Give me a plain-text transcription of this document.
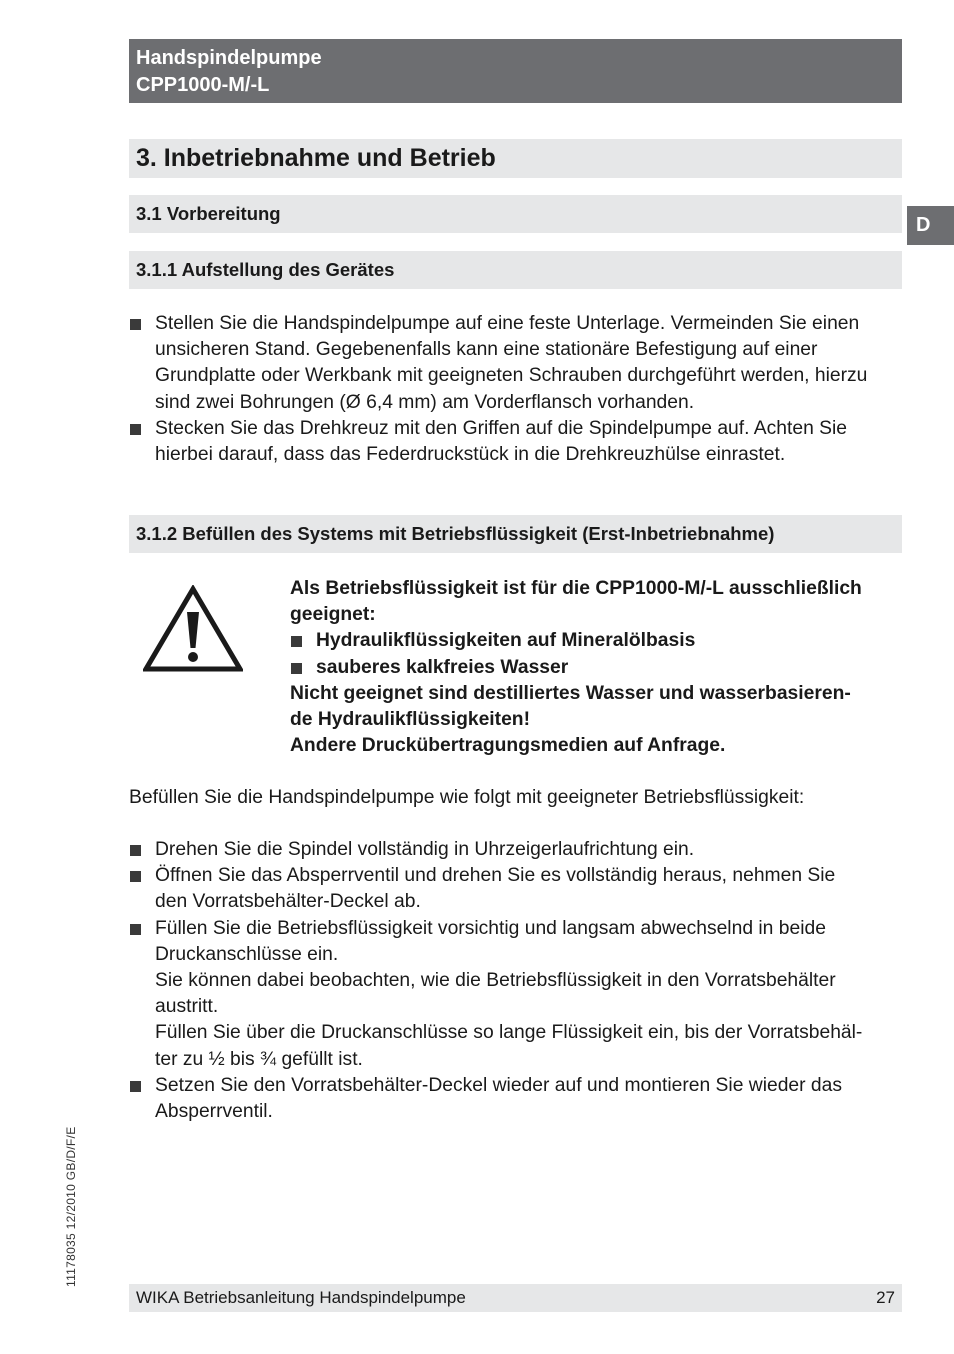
Handspindelpumpe
CPP1000-M/-L
D
3. Inbetriebnahme und Betrieb
3.1 Vorbereitung
3.1.1 Aufstellung des Gerätes
Stellen Sie die Handspindelpumpe auf eine feste Unterlage. Vermeinden Sie einen unsicheren Stand. Gegebenenfalls kann eine stationäre Befestigung auf einer Grundplatte oder Werkbank mit geeigneten Schrauben durchgeführt werden, hierzu sind zwei Bohrungen (Ø 6,4 mm) am Vorderflansch vorhanden.
Stecken Sie das Drehkreuz mit den Griffen auf die Spindelpumpe auf. Achten Sie hierbei darauf, dass das Federdruckstück in die Drehkreuzhülse einrastet.
3.1.2 Befüllen des Systems mit Betriebsflüssigkeit (Erst-Inbetriebnahme)
Als Betriebsflüssigkeit ist für die CPP1000-M/-L ausschließlich geeignet:
Hydraulikflüssigkeiten auf Mineralölbasis
sauberes kalkfreies Wasser
Nicht geeignet sind destilliertes Wasser und wasserbasieren-
de Hydraulikflüssigkeiten!
Andere Druckübertragungsmedien auf Anfrage.
Befüllen Sie die Handspindelpumpe wie folgt mit geeigneter Betriebsflüssigkeit:
Drehen Sie die Spindel vollständig in Uhrzeigerlaufrichtung ein.
Öffnen Sie das Absperrventil und drehen Sie es vollständig heraus, nehmen Sie
den Vorratsbehälter-Deckel ab.
Füllen Sie die Betriebsflüssigkeit vorsichtig und langsam abwechselnd in beide
Druckanschlüsse ein.
Sie können dabei beobachten, wie die Betriebsflüssigkeit in den Vorratsbehälter
austritt.
Füllen Sie über die Druckanschlüsse so lange Flüssigkeit ein, bis der Vorratsbehäl-
ter zu ½ bis ¾ gefüllt ist.
Setzen Sie den Vorratsbehälter-Deckel wieder auf und montieren Sie wieder das
Absperrventil.
11178035 12/2010 GB/D/F/E
WIKA Betriebsanleitung Handspindelpumpe	27
